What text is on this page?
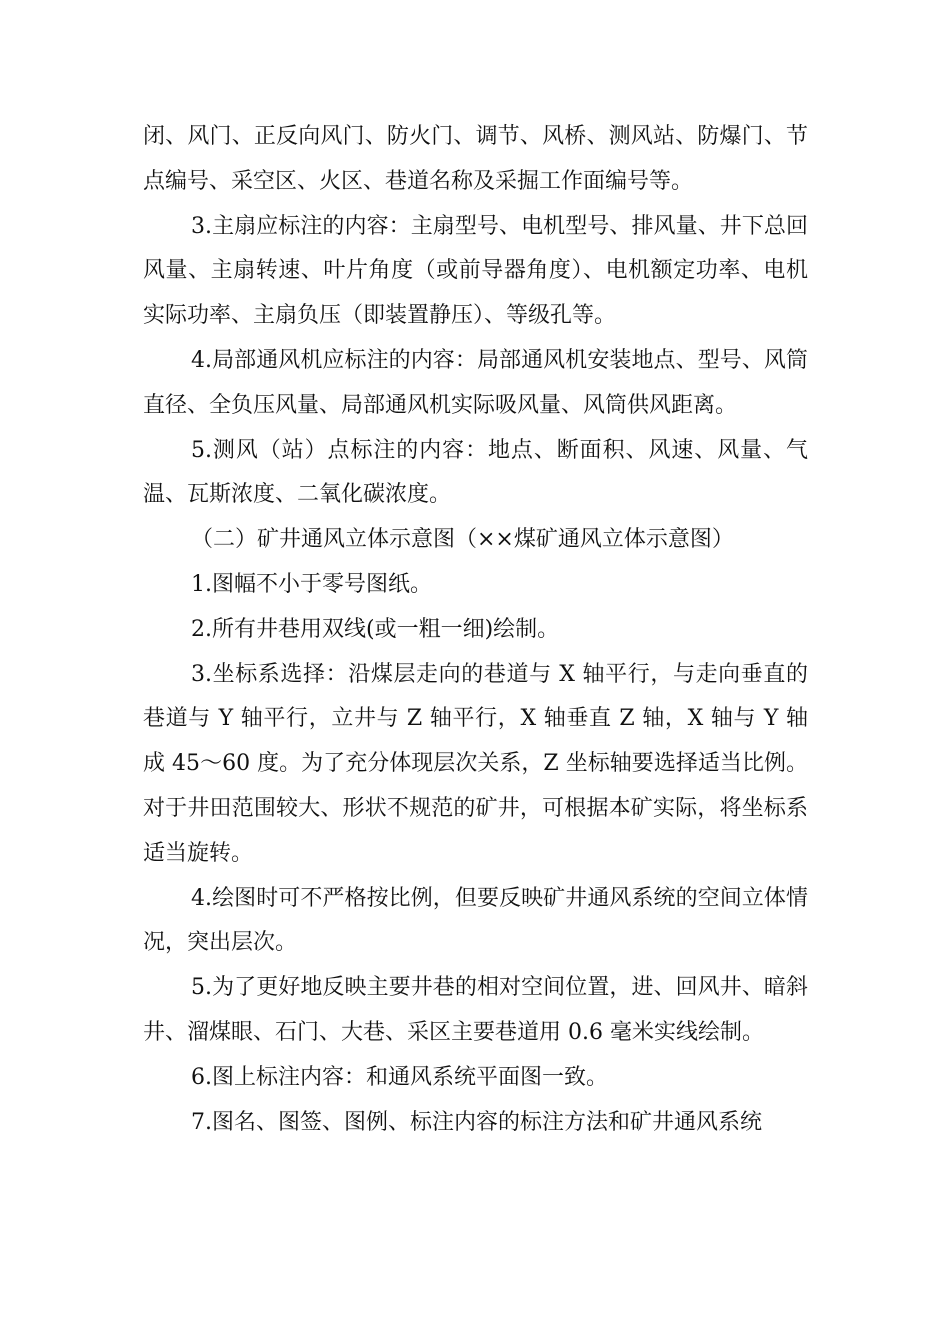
闭、风门、正反向风门、防火门、调节、风桥、测风站、防爆门、节点编号、采空区、火区、巷道名称及采掘工作面编号等。

3.主扇应标注的内容：主扇型号、电机型号、排风量、井下总回风量、主扇转速、叶片角度（或前导器角度）、电机额定功率、电机实际功率、主扇负压（即装置静压）、等级孔等。

4.局部通风机应标注的内容：局部通风机安装地点、型号、风筒直径、全负压风量、局部通风机实际吸风量、风筒供风距离。

5.测风（站）点标注的内容：地点、断面积、风速、风量、气温、瓦斯浓度、二氧化碳浓度。

（二）矿井通风立体示意图（××煤矿通风立体示意图）

1.图幅不小于零号图纸。

2.所有井巷用双线(或一粗一细)绘制。

3.坐标系选择：沿煤层走向的巷道与 X 轴平行，与走向垂直的巷道与 Y 轴平行，立井与 Z 轴平行，X 轴垂直 Z 轴，X 轴与 Y 轴成 45～60 度。为了充分体现层次关系，Z 坐标轴要选择适当比例。对于井田范围较大、形状不规范的矿井，可根据本矿实际，将坐标系适当旋转。

4.绘图时可不严格按比例，但要反映矿井通风系统的空间立体情况，突出层次。

5.为了更好地反映主要井巷的相对空间位置，进、回风井、暗斜井、溜煤眼、石门、大巷、采区主要巷道用 0.6 毫米实线绘制。

6.图上标注内容：和通风系统平面图一致。

7.图名、图签、图例、标注内容的标注方法和矿井通风系统
